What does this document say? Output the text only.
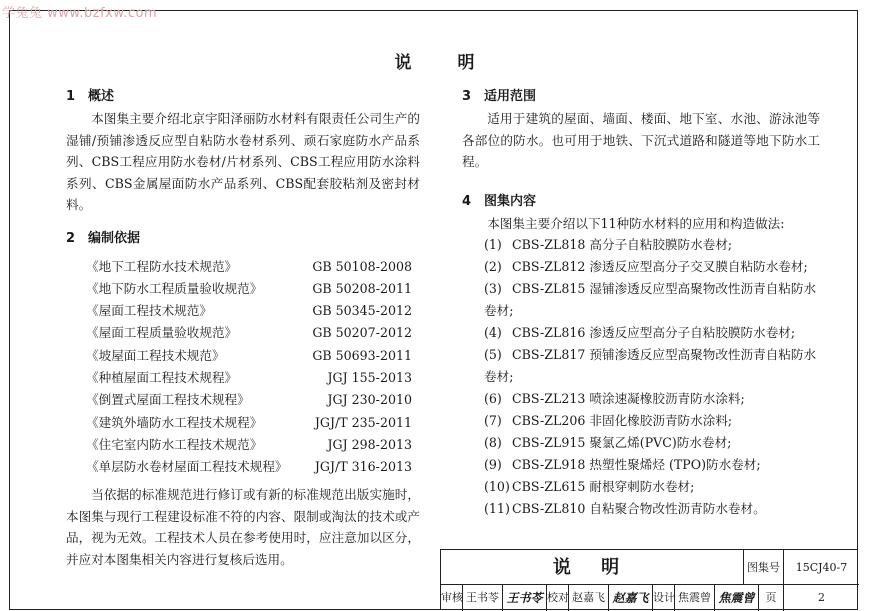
学兔兔 www.bzfxw.com
说 明
1 概述
本图集主要介绍北京宇阳泽丽防水材料有限责任公司生产的湿铺/预铺渗透反应型自粘防水卷材系列、顽石家庭防水产品系列、CBS工程应用防水卷材/片材系列、CBS工程应用防水涂料系列、CBS金属屋面防水产品系列、CBS配套胶粘剂及密封材料。
2 编制依据
《地下工程防水技术规范》	GB 50108-2008
《地下防水工程质量验收规范》	GB 50208-2011
《屋面工程技术规范》	GB 50345-2012
《屋面工程质量验收规范》	GB 50207-2012
《坡屋面工程技术规范》	GB 50693-2011
《种植屋面工程技术规程》	JGJ 155-2013
《倒置式屋面工程技术规程》	JGJ 230-2010
《建筑外墙防水工程技术规程》	JGJ/T 235-2011
《住宅室内防水工程技术规范》	JGJ 298-2013
《单层防水卷材屋面工程技术规程》 JGJ/T 316-2013
当依据的标准规范进行修订或有新的标准规范出版实施时，本图集与现行工程建设标准不符的内容、限制或淘汰的技术或产品，视为无效。工程技术人员在参考使用时，应注意加以区分，并应对本图集相关内容进行复核后选用。
3 适用范围
适用于建筑的屋面、墙面、楼面、地下室、水池、游泳池等各部位的防水。也可用于地铁、下沉式道路和隧道等地下防水工程。
4 图集内容
本图集主要介绍以下11种防水材料的应用和构造做法:
(1) CBS-ZL818 高分子自粘胶膜防水卷材;
(2) CBS-ZL812 渗透反应型高分子交叉膜自粘防水卷材;
(3) CBS-ZL815 湿铺渗透反应型高聚物改性沥青自粘防水卷材;
(4) CBS-ZL816 渗透反应型高分子自粘胶膜防水卷材;
(5) CBS-ZL817 预铺渗透反应型高聚物改性沥青自粘防水卷材;
(6) CBS-ZL213 喷涂速凝橡胶沥青防水涂料;
(7) CBS-ZL206 非固化橡胶沥青防水涂料;
(8) CBS-ZL915 聚氯乙烯(PVC)防水卷材;
(9) CBS-ZL918 热塑性聚烯烃 (TPO)防水卷材;
(10) CBS-ZL615 耐根穿刺防水卷材;
(11) CBS-ZL810 自粘聚合物改性沥青防水卷材。
说 明	图集号	15CJ40-7
审核 王书苓 王书苓 校对 赵嘉飞 赵嘉飞 设计 焦震曾 焦震曾	页	2
